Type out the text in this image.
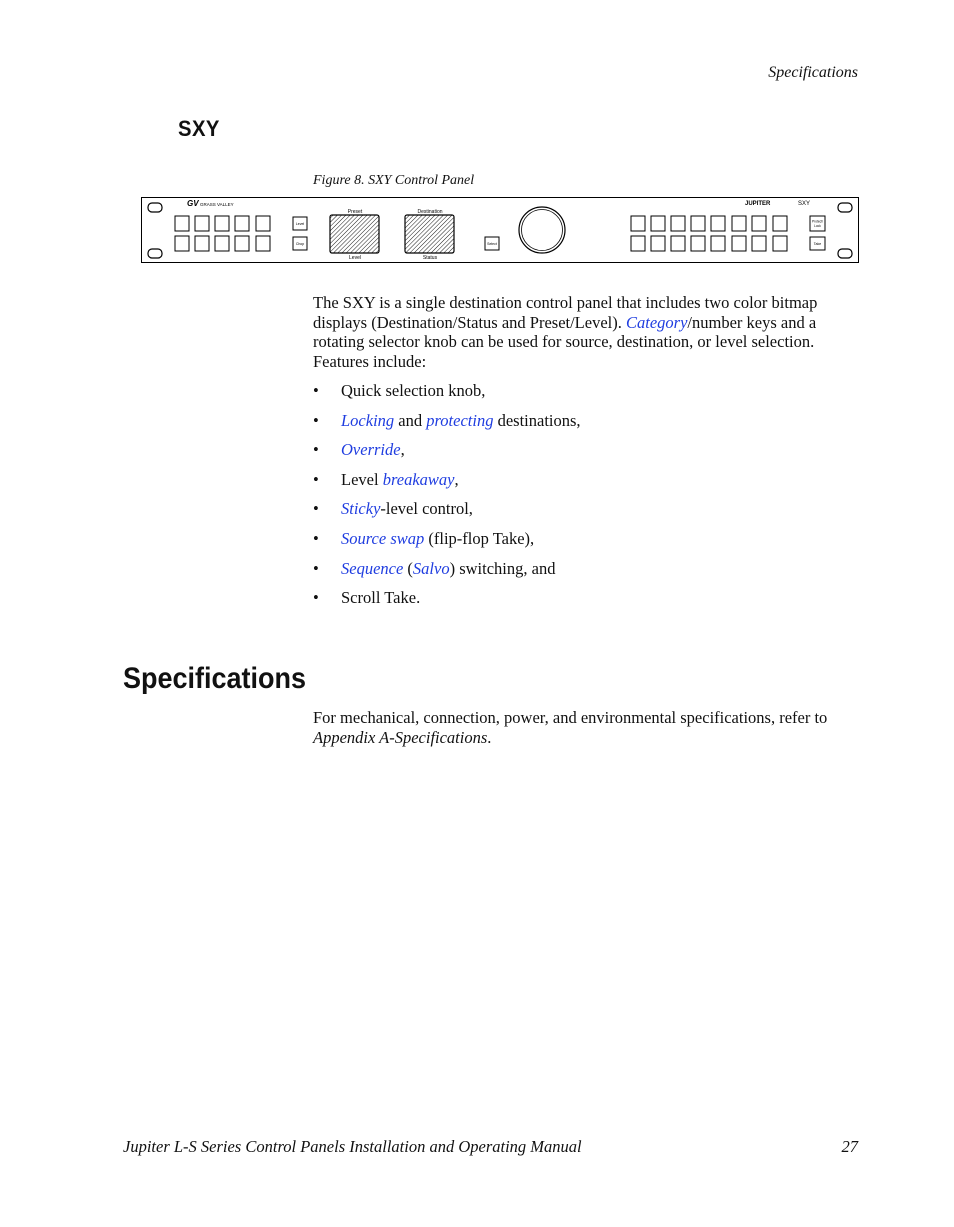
Specifications
SXY
Figure 8. SXY Control Panel
GV GRASS VALLEY	JUPITER	SXY
Level
Chop
Preset
Level
Destination
Status
Select
Protect/
Lock
Take
The SXY is a single destination control panel that includes two color bitmap displays (Destination/Status and Preset/Level). Category/number keys and a rotating selector knob can be used for source, destination, or level selection. Features include:
• Quick selection knob,
• Locking and protecting destinations,
• Override,
• Level breakaway,
• Sticky-level control,
• Source swap (flip-flop Take),
• Sequence (Salvo) switching, and
• Scroll Take.
Specifications
For mechanical, connection, power, and environmental specifications, refer to Appendix A-Specifications.
Jupiter L-S Series Control Panels Installation and Operating Manual	27
